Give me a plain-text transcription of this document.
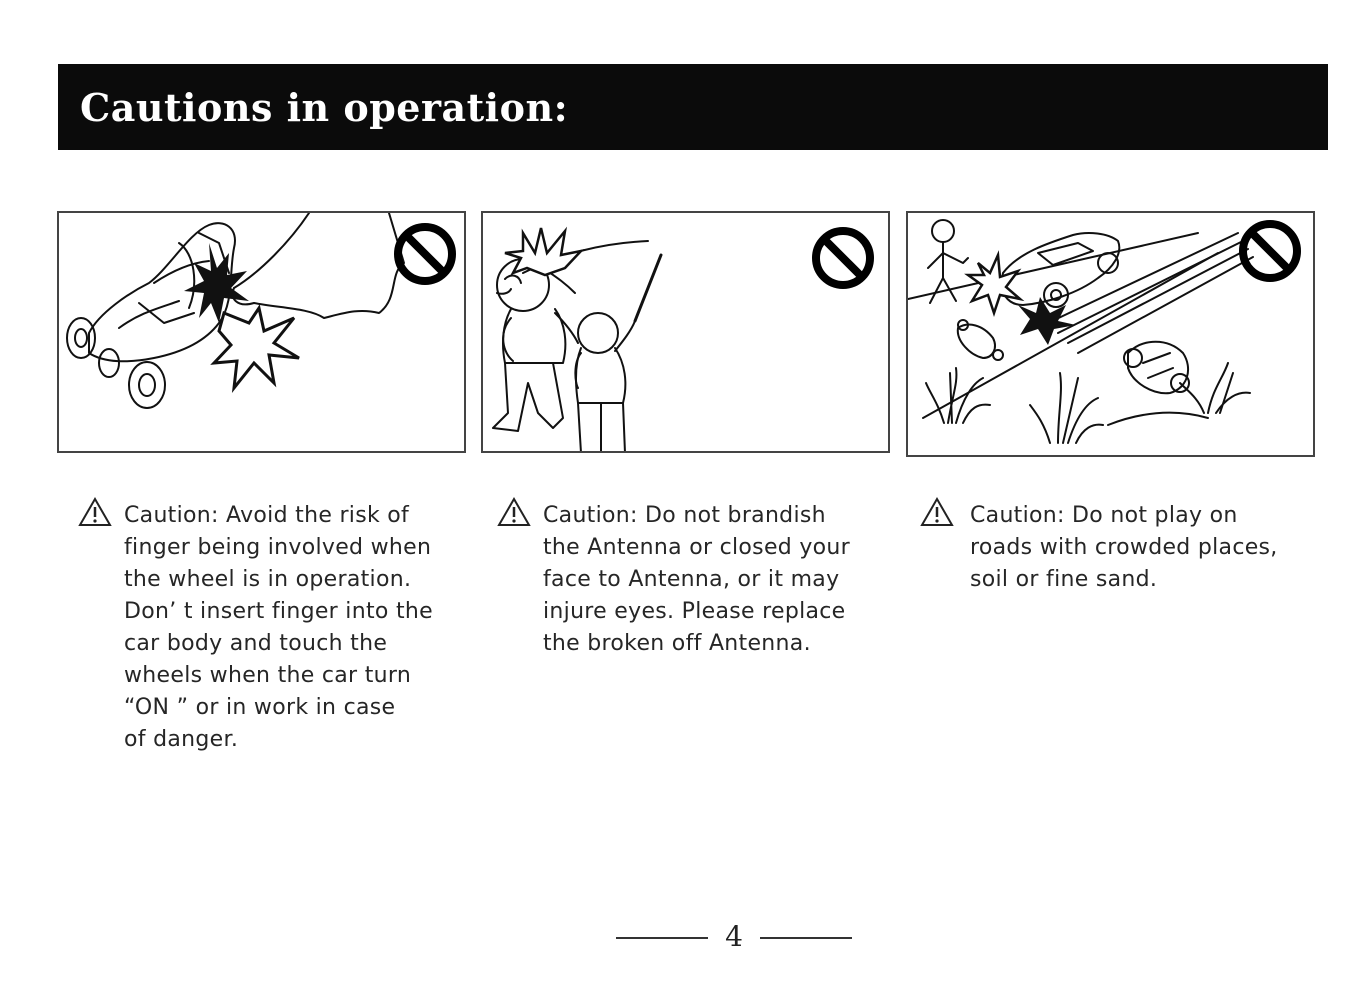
Cautions in operation:
Caution: Avoid the risk of
finger being involved when
the wheel is in operation.
Don’ t insert finger into the
car body and touch the
wheels when the car turn
“ON ” or in work in case
of danger.
Caution: Do not brandish
the Antenna or closed your
face to Antenna, or it may
injure eyes. Please replace
the broken off Antenna.
Caution: Do not play on
roads with crowded places,
soil or fine sand.
4
